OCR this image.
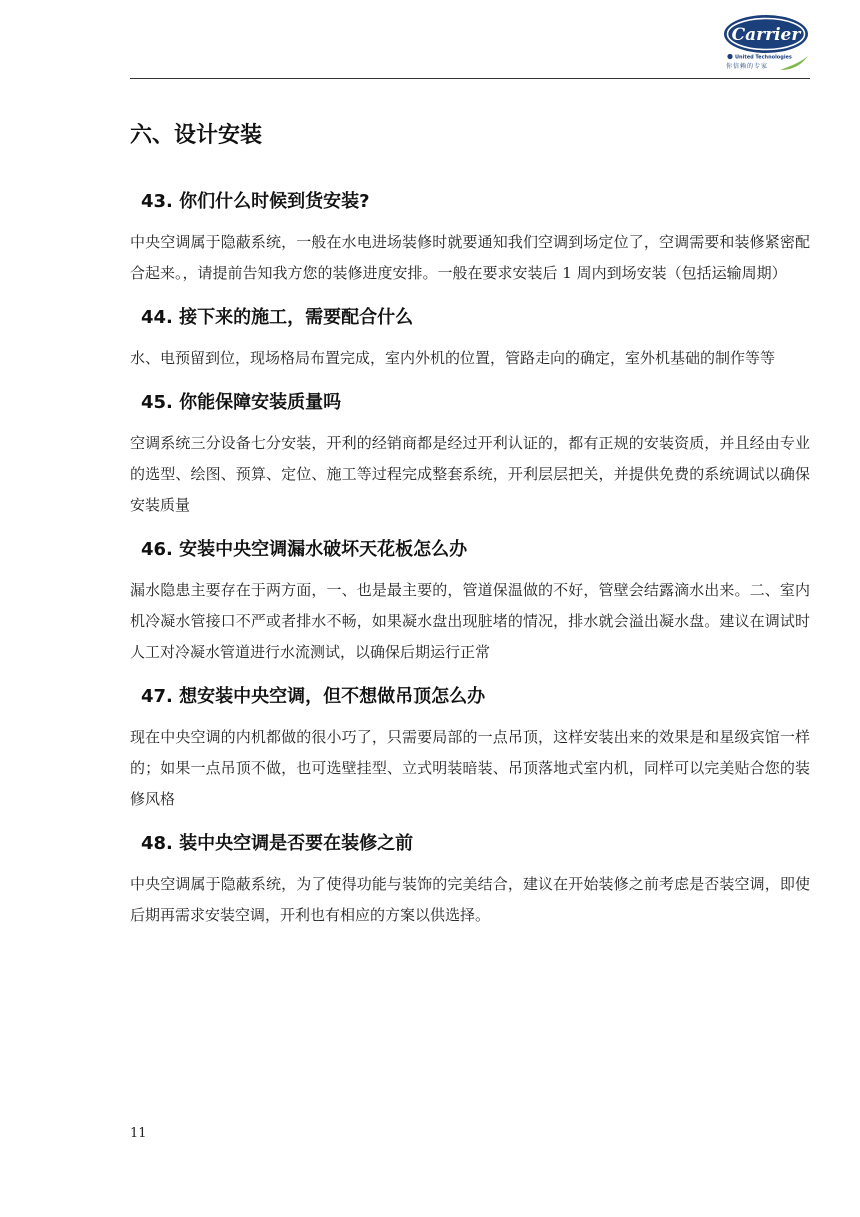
Carrier
United Technologies
你信赖的专家
六、设计安装
43. 你们什么时候到货安装?

中央空调属于隐蔽系统，一般在水电进场装修时就要通知我们空调到场定位了，空调需要和装修紧密配合起来。，请提前告知我方您的装修进度安排。一般在要求安装后 1 周内到场安装（包括运输周期）

44. 接下来的施工，需要配合什么

水、电预留到位，现场格局布置完成，室内外机的位置，管路走向的确定，室外机基础的制作等等

45. 你能保障安装质量吗

空调系统三分设备七分安装，开利的经销商都是经过开利认证的，都有正规的安装资质，并且经由专业的选型、绘图、预算、定位、施工等过程完成整套系统，开利层层把关，并提供免费的系统调试以确保安装质量

46. 安装中央空调漏水破坏天花板怎么办

漏水隐患主要存在于两方面，一、也是最主要的，管道保温做的不好，管壁会结露滴水出来。二、室内机冷凝水管接口不严或者排水不畅，如果凝水盘出现脏堵的情况，排水就会溢出凝水盘。建议在调试时人工对冷凝水管道进行水流测试，以确保后期运行正常

47. 想安装中央空调，但不想做吊顶怎么办

现在中央空调的内机都做的很小巧了，只需要局部的一点吊顶，这样安装出来的效果是和星级宾馆一样的；如果一点吊顶不做，也可选壁挂型、立式明装暗装、吊顶落地式室内机，同样可以完美贴合您的装修风格

48. 装中央空调是否要在装修之前

中央空调属于隐蔽系统，为了使得功能与装饰的完美结合，建议在开始装修之前考虑是否装空调，即使后期再需求安装空调，开利也有相应的方案以供选择。

11
